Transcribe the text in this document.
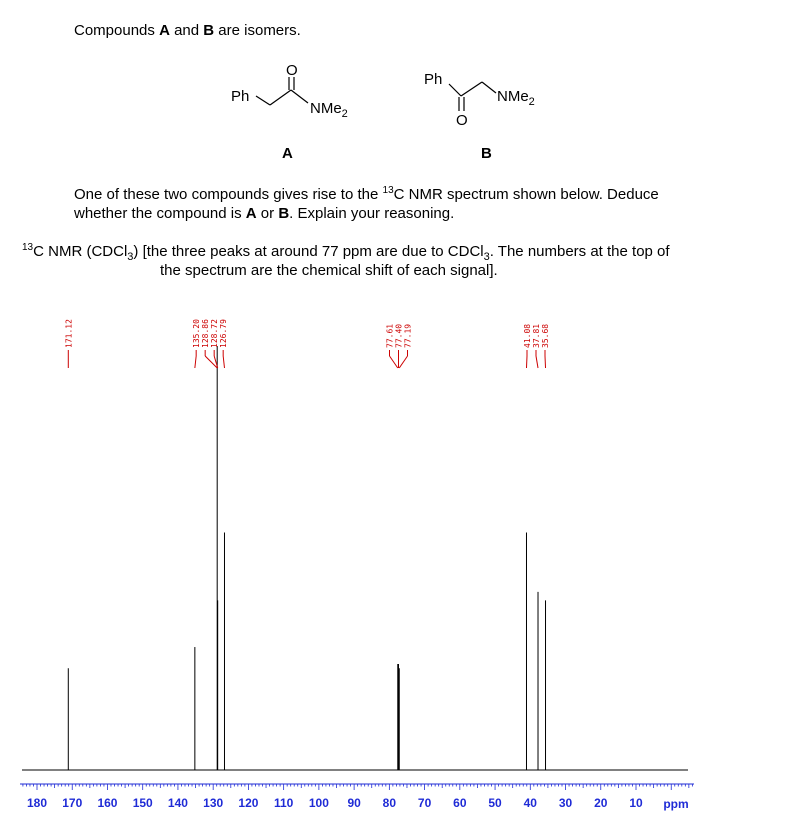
Compounds A and B are isomers.
Ph
O
NMe$_2$
A
Ph
O
NMe$_2$
B
One of these two compounds gives rise to the $^{13}$C NMR spectrum shown below. Deduce
whether the compound is A or B. Explain your reasoning.
$^{13}$C NMR (CDCl$_3$) [the three peaks at around 77 ppm are due to CDCl$_3$. The numbers at the top of
the spectrum are the chemical shift of each signal].
171.12	135.20 128.86 128.72 126.79	77.61 77.40 77.19	41.08 37.81 35.68
180 170 160 150 140 130 120 110 100 90 80 70 60 50 40 30 20 10 ppm
